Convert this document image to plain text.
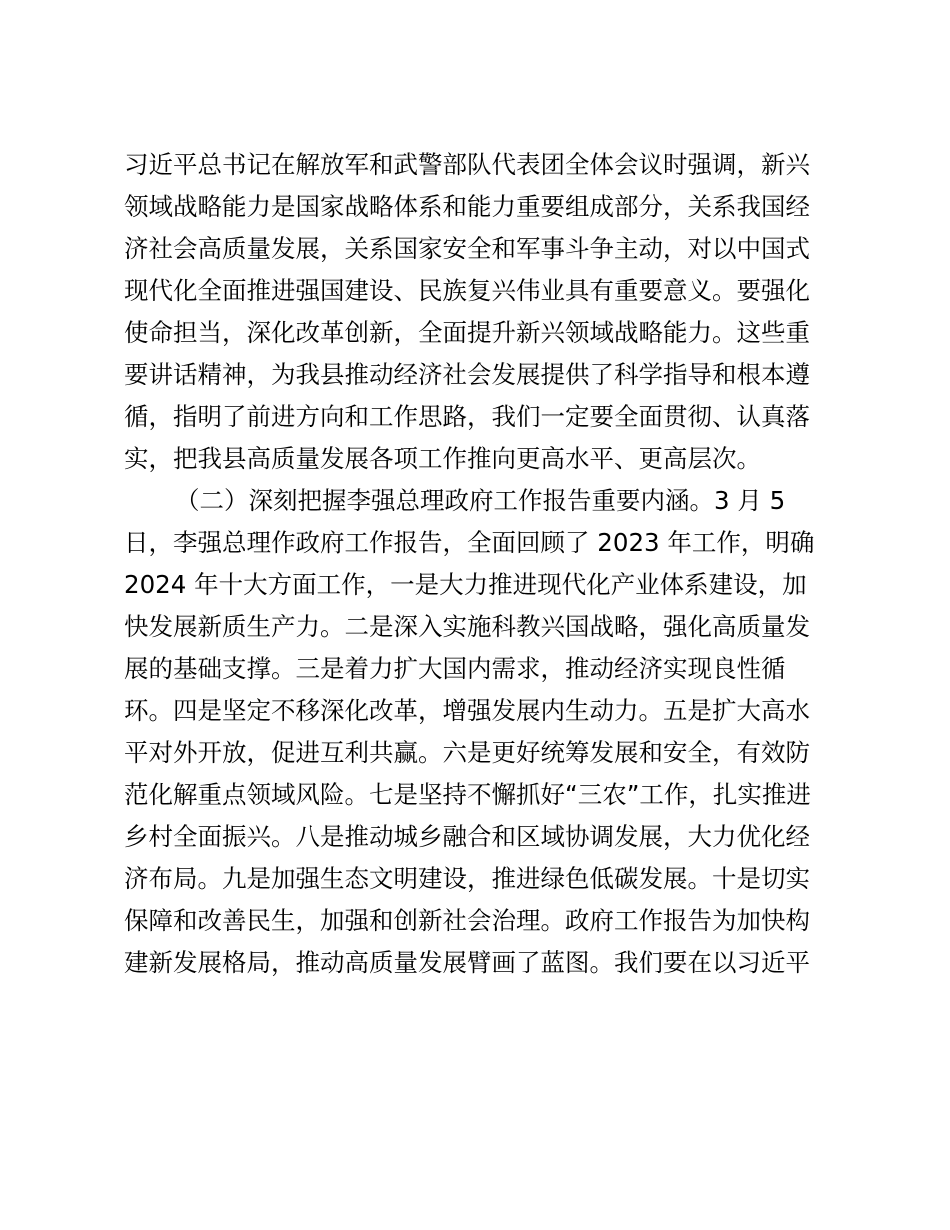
习近平总书记在解放军和武警部队代表团全体会议时强调，新兴
领域战略能力是国家战略体系和能力重要组成部分，关系我国经
济社会高质量发展，关系国家安全和军事斗争主动，对以中国式
现代化全面推进强国建设、民族复兴伟业具有重要意义。要强化
使命担当，深化改革创新，全面提升新兴领域战略能力。这些重
要讲话精神，为我县推动经济社会发展提供了科学指导和根本遵
循，指明了前进方向和工作思路，我们一定要全面贯彻、认真落
实，把我县高质量发展各项工作推向更高水平、更高层次。
（二）深刻把握李强总理政府工作报告重要内涵。3 月 5
日，李强总理作政府工作报告，全面回顾了 2023 年工作，明确
2024 年十大方面工作，一是大力推进现代化产业体系建设，加
快发展新质生产力。二是深入实施科教兴国战略，强化高质量发
展的基础支撑。三是着力扩大国内需求，推动经济实现良性循
环。四是坚定不移深化改革，增强发展内生动力。五是扩大高水
平对外开放，促进互利共赢。六是更好统筹发展和安全，有效防
范化解重点领域风险。七是坚持不懈抓好“三农”工作，扎实推进
乡村全面振兴。八是推动城乡融合和区域协调发展，大力优化经
济布局。九是加强生态文明建设，推进绿色低碳发展。十是切实
保障和改善民生，加强和创新社会治理。政府工作报告为加快构
建新发展格局，推动高质量发展臂画了蓝图。我们要在以习近平
